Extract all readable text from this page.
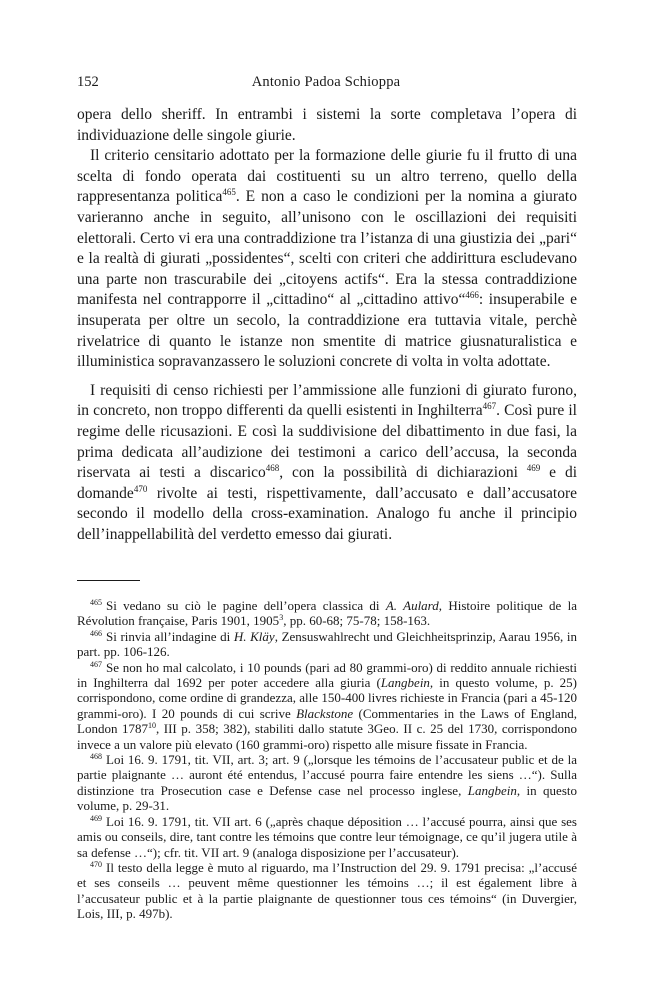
152	Antonio Padoa Schioppa

opera dello sheriff. In entrambi i sistemi la sorte completava l’opera di individuazione delle singole giurie.

Il criterio censitario adottato per la formazione delle giurie fu il frutto di una scelta di fondo operata dai costituenti su un altro terreno, quello della rappresentanza politica$^{465}$. E non a caso le condizioni per la nomina a giurato varieranno anche in seguito, all’unisono con le oscillazioni dei requisiti elettorali. Certo vi era una contraddizione tra l’istanza di una giustizia dei „pari“ e la realtà di giurati „possidentes“, scelti con criteri che addirittura escludevano una parte non trascurabile dei „citoyens actifs“. Era la stessa contraddizione manifesta nel contrapporre il „cittadino“ al „cittadino attivo“$^{466}$: insuperabile e insuperata per oltre un secolo, la contraddizione era tuttavia vitale, perchè rivelatrice di quanto le istanze non smentite di matrice giusnaturalistica e illuministica sopravanzassero le soluzioni concrete di volta in volta adottate.

I requisiti di censo richiesti per l’ammissione alle funzioni di giurato furono, in concreto, non troppo differenti da quelli esistenti in Inghilterra$^{467}$. Così pure il regime delle ricusazioni. E così la suddivisione del dibattimento in due fasi, la prima dedicata all’audizione dei testimoni a carico dell’accusa, la seconda riservata ai testi a discarico$^{468}$, con la possibilità di dichiarazioni $^{469}$ e di domande$^{470}$ rivolte ai testi, rispettivamente, dall’accusato e dall’accusatore secondo il modello della cross-examination. Analogo fu anche il principio dell’inappellabilità del verdetto emesso dai giurati.

$^{465}$ Si vedano su ciò le pagine dell’opera classica di A. Aulard, Histoire politique de la Révolution française, Paris 1901, 1905$^3$, pp. 60-68; 75-78; 158-163.

$^{466}$ Si rinvia all’indagine di H. Kläy, Zensuswahlrecht und Gleichheitsprinzip, Aarau 1956, in part. pp. 106-126.

$^{467}$ Se non ho mal calcolato, i 10 pounds (pari ad 80 grammi-oro) di reddito annuale richiesti in Inghilterra dal 1692 per poter accedere alla giuria (Langbein, in questo volume, p. 25) corrispondono, come ordine di grandezza, alle 150-400 livres richieste in Francia (pari a 45-120 grammi-oro). I 20 pounds di cui scrive Blackstone (Commentaries in the Laws of England, London 1787$^{10}$, III p. 358; 382), stabiliti dallo statute 3Geo. II c. 25 del 1730, corrispondono invece a un valore più elevato (160 grammi-oro) rispetto alle misure fissate in Francia.

$^{468}$ Loi 16. 9. 1791, tit. VII, art. 3; art. 9 („lorsque les témoins de l’accusateur public et de la partie plaignante … auront été entendus, l’accusé pourra faire entendre les siens …“). Sulla distinzione tra Prosecution case e Defense case nel processo inglese, Langbein, in questo volume, p. 29-31.

$^{469}$ Loi 16. 9. 1791, tit. VII art. 6 („après chaque déposition … l’accusé pourra, ainsi que ses amis ou conseils, dire, tant contre les témoins que contre leur témoignage, ce qu’il jugera utile à sa defense …“); cfr. tit. VII art. 9 (analoga disposizione per l’accusateur).

$^{470}$ Il testo della legge è muto al riguardo, ma l’Instruction del 29. 9. 1791 precisa: „l’accusé et ses conseils … peuvent même questionner les témoins …; il est également libre à l’accusateur public et à la partie plaignante de questionner tous ces témoins“ (in Duvergier, Lois, III, p. 497b).
